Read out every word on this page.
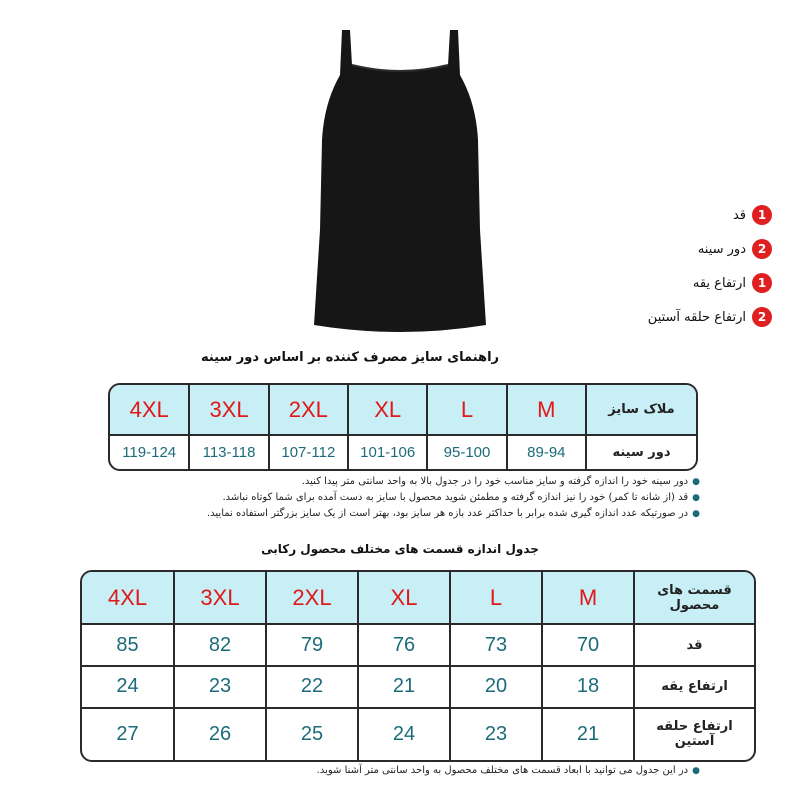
1
قد
2
دور سینه
1
ارتفاع یقه
2
ارتفاع حلقه آستین
راهنمای سایز مصرف کننده بر اساس دور سینه
ملاک سایز	M	L	XL	2XL	3XL	4XL
دور سینه	89-94	95-100	101-106	107-112	113-118	119-124
●دور سینه خود را اندازه گرفته و سایز مناسب خود را در جدول بالا به واحد سانتی متر پیدا کنید.
●قد (از شانه تا کمر) خود را نیز اندازه گرفته و مطمئن شوید محصول با سایز به دست آمده برای شما کوتاه نباشد.
●در صورتیکه عدد اندازه گیری شده برابر با حداکثر عدد بازه هر سایز بود، بهتر است از یک سایز بزرگتر استفاده نمایید.
جدول اندازه قسمت های مختلف محصول رکابی
قسمت های محصول	M	L	XL	2XL	3XL	4XL
قد	70	73	76	79	82	85
ارتفاع یقه	18	20	21	22	23	24
ارتفاع حلقه آستین	21	23	24	25	26	27
●در این جدول می توانید با ابعاد قسمت های مختلف محصول به واحد سانتی متر آشنا شوید.
